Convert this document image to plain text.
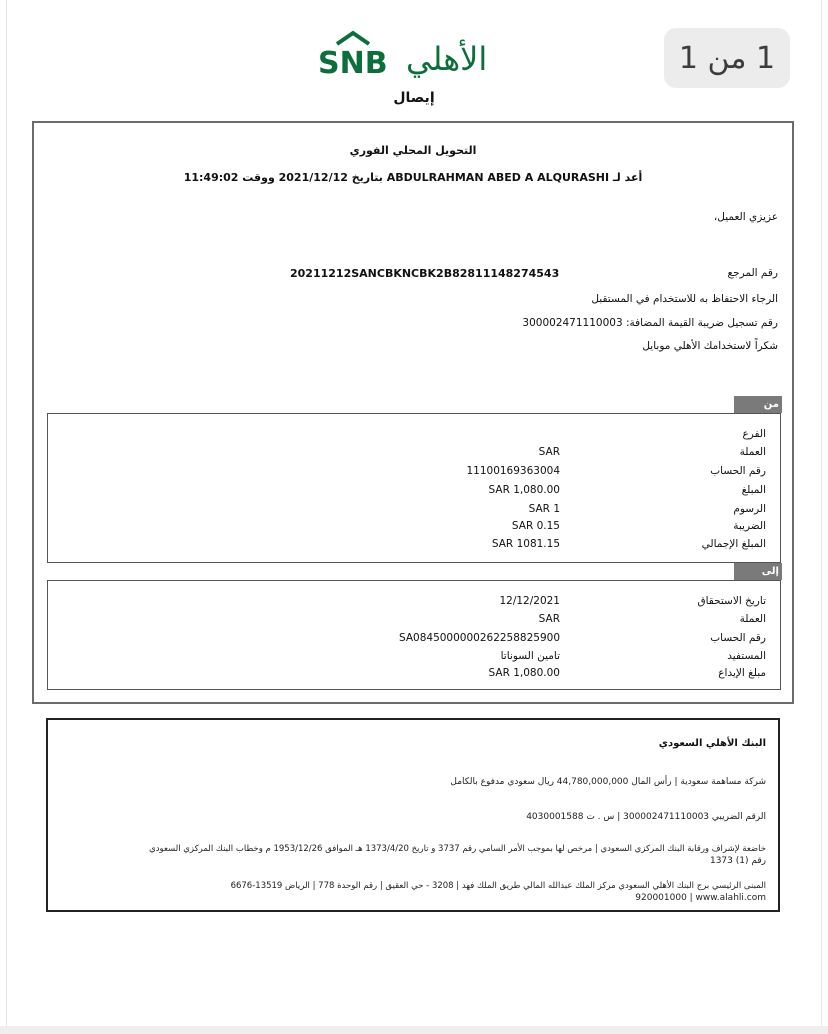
1 من 1
SNB الأهلي
إيصال
التحويل المحلي الفوري
أعد لـ ABDULRAHMAN ABED A ALQURASHI بتاريخ 2021/12/12 ووقت 11:49:02
عزيزي العميل،
رقم المرجع
20211212SANCBKNCBK2B82811148274543
الرجاء الاحتفاظ به للاستخدام في المستقبل
رقم تسجيل ضريبة القيمة المضافة: 300002471110003
شكراً لاستخدامك الأهلي موبايل
من
الفرع
العملة
SAR
رقم الحساب
11100169363004
المبلغ
1,080.00 SAR
الرسوم
1 SAR
الضريبة
0.15 SAR
المبلغ الإجمالي
1081.15 SAR
إلى
تاريخ الاستحقاق
12/12/2021
العملة
SAR
رقم الحساب
SA0845000000262258825900
المستفيد
تامين السوناتا
مبلغ الإيداع
1,080.00 SAR
البنك الأهلي السعودي
شركة مساهمة سعودية | رأس المال 44,780,000,000 ريال سعودي مدفوع بالكامل
الرقم الضريبي 300002471110003 | س . ت 4030001588
خاضعة لإشراف ورقابة البنك المركزي السعودي | مرخص لها بموجب الأمر السامي رقم 3737 و تاريخ 1373/4/20 هـ الموافق 1953/12/26 م وخطاب البنك المركزي السعودي
رقم (1) 1373
المبنى الرئيسي برج البنك الأهلي السعودي مركز الملك عبدالله المالي طريق الملك فهد | 3208 - حي العقيق | رقم الوحدة 778 | الرياض 13519-6676
920001000 | www.alahli.com
